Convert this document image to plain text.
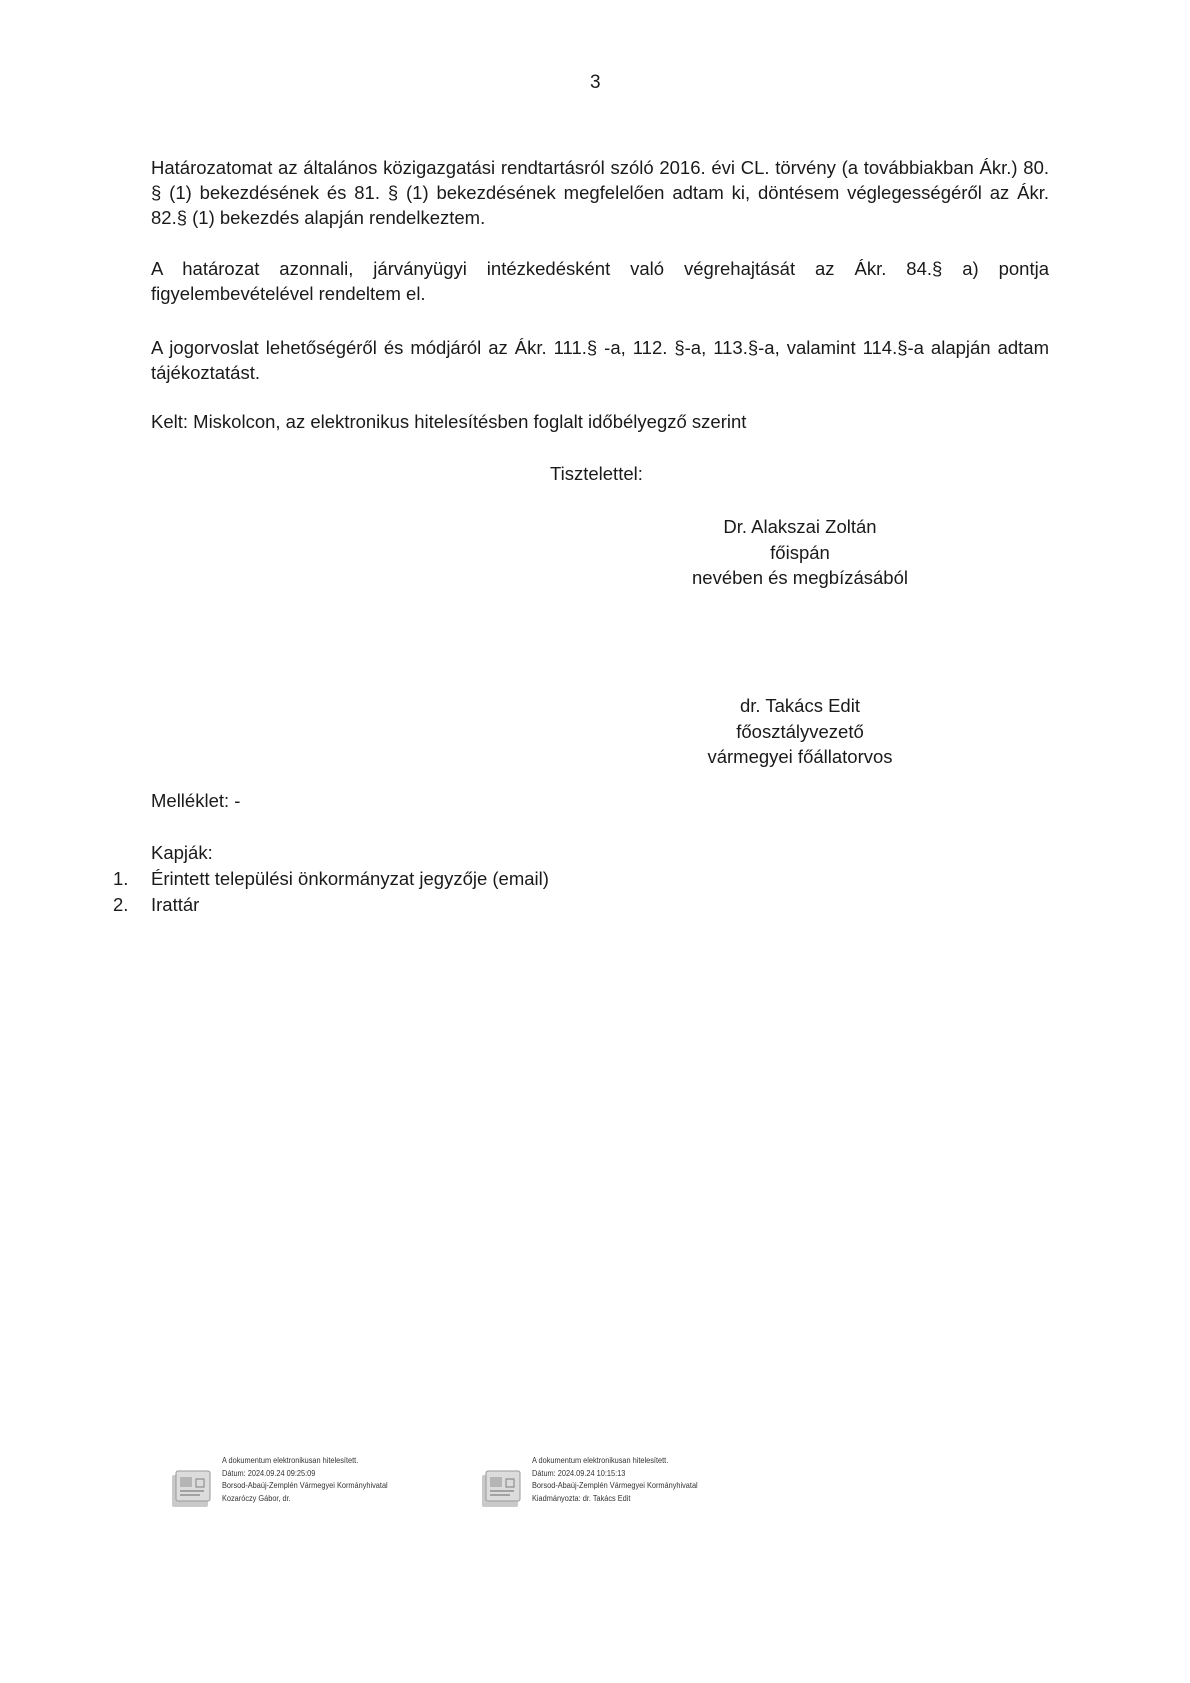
3
Határozatomat az általános közigazgatási rendtartásról szóló 2016. évi CL. törvény (a továbbiakban Ákr.) 80. § (1) bekezdésének és 81. § (1) bekezdésének megfelelően adtam ki, döntésem véglegességéről az Ákr. 82.§ (1) bekezdés alapján rendelkeztem.
A határozat azonnali, járványügyi intézkedésként való végrehajtását az Ákr. 84.§ a) pontja figyelembevételével rendeltem el.
A jogorvoslat lehetőségéről és módjáról az Ákr. 111.§ -a, 112. §-a, 113.§-a, valamint 114.§-a alapján adtam tájékoztatást.
Kelt: Miskolcon, az elektronikus hitelesítésben foglalt időbélyegző szerint
Tisztelettel:
Dr. Alakszai Zoltán
főispán
nevében és megbízásából
dr. Takács Edit
főosztályvezető
vármegyei főállatorvos
Melléklet: -
Kapják:
1. Érintett települési önkormányzat jegyzője (email)
2. Irattár
A dokumentum elektronikusan hitelesített.
Dátum: 2024.09.24 09:25:09
Borsod-Abaúj-Zemplén Vármegyei Kormányhivatal
Kozaróczy Gábor, dr.
A dokumentum elektronikusan hitelesített.
Dátum: 2024.09.24 10:15:13
Borsod-Abaúj-Zemplén Vármegyei Kormányhivatal
Kiadmányozta: dr. Takács Edit
